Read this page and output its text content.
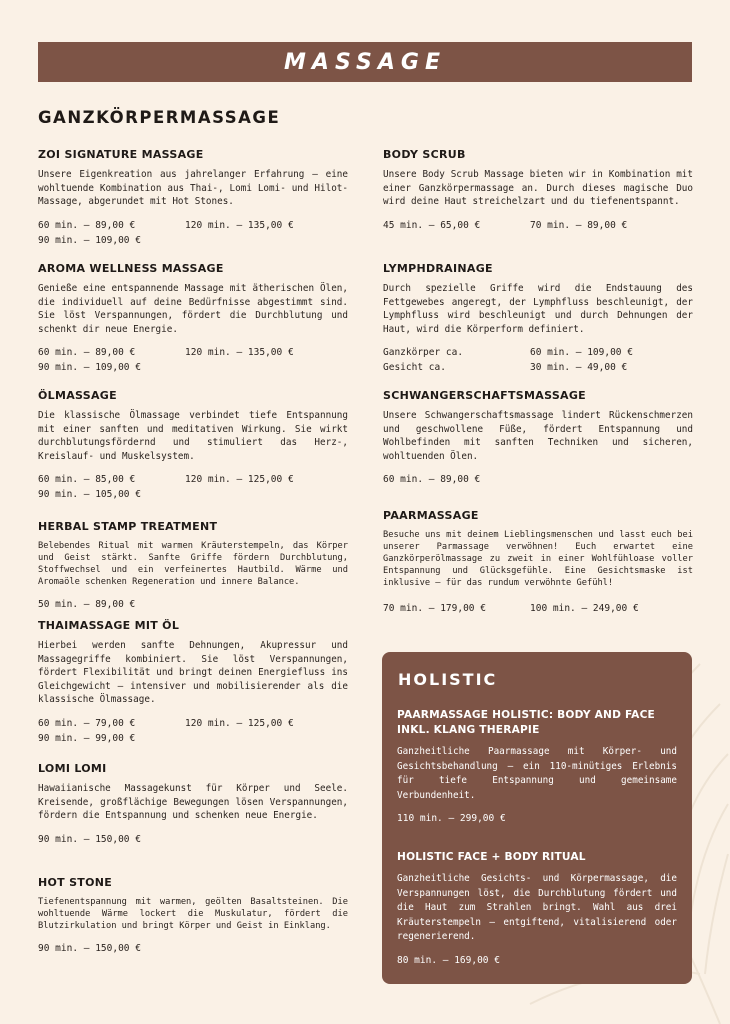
MASSAGE
GANZKÖRPERMASSAGE
ZOI SIGNATURE MASSAGE

Unsere Eigenkreation aus jahrelanger Erfahrung – eine wohltuende Kombination aus Thai-, Lomi Lomi- und Hilot-Massage, abgerundet mit Hot Stones.

60 min. – 89,00 €	120 min. – 135,00 €
90 min. – 109,00 €
AROMA WELLNESS MASSAGE

Genieße eine entspannende Massage mit ätherischen Ölen, die individuell auf deine Bedürfnisse abgestimmt sind. Sie löst Verspannungen, fördert die Durchblutung und schenkt dir neue Energie.

60 min. – 89,00 €	120 min. – 135,00 €
90 min. – 109,00 €
ÖLMASSAGE

Die klassische Ölmassage verbindet tiefe Entspannung mit einer sanften und meditativen Wirkung. Sie wirkt durchblutungsfördernd und stimuliert das Herz-, Kreislauf- und Muskelsystem.

60 min. – 85,00 €	120 min. – 125,00 €
90 min. – 105,00 €
HERBAL STAMP TREATMENT

Belebendes Ritual mit warmen Kräuterstempeln, das Körper und Geist stärkt. Sanfte Griffe fördern Durchblutung, Stoffwechsel und ein verfeinertes Hautbild. Wärme und Aromaöle schenken Regeneration und innere Balance.

50 min. – 89,00 €
THAIMASSAGE MIT ÖL

Hierbei werden sanfte Dehnungen, Akupressur und Massagegriffe kombiniert. Sie löst Verspannungen, fördert Flexibilität und bringt deinen Energiefluss ins Gleichgewicht – intensiver und mobilisierender als die klassische Ölmassage.

60 min. – 79,00 €	120 min. – 125,00 €
90 min. – 99,00 €
LOMI LOMI

Hawaiianische Massagekunst für Körper und Seele. Kreisende, großflächige Bewegungen lösen Verspannungen, fördern die Entspannung und schenken neue Energie.

90 min. – 150,00 €
HOT STONE

Tiefenentspannung mit warmen, geölten Basaltsteinen. Die wohltuende Wärme lockert die Muskulatur, fördert die Blutzirkulation und bringt Körper und Geist in Einklang.

90 min. – 150,00 €
BODY SCRUB

Unsere Body Scrub Massage bieten wir in Kombination mit einer Ganzkörpermassage an. Durch dieses magische Duo wird deine Haut streichelzart und du tiefenentspannt.

45 min. – 65,00 €	70 min. – 89,00 €
LYMPHDRAINAGE

Durch spezielle Griffe wird die Endstauung des Fettgewebes angeregt, der Lymphfluss beschleunigt, der Lymphfluss wird beschleunigt und durch Dehnungen der Haut, wird die Körperform definiert.

Ganzkörper ca.	60 min. – 109,00 €
Gesicht ca.	30 min. – 49,00 €
SCHWANGERSCHAFTSMASSAGE

Unsere Schwangerschaftsmassage lindert Rückenschmerzen und geschwollene Füße, fördert Entspannung und Wohlbefinden mit sanften Techniken und sicheren, wohltuenden Ölen.

60 min. – 89,00 €
PAARMASSAGE

Besuche uns mit deinem Lieblingsmenschen und lasst euch bei unserer Parmassage verwöhnen! Euch erwartet eine Ganzkörperölmassage zu zweit in einer Wohlfühloase voller Entspannung und Glücksgefühle. Eine Gesichtsmaske ist inklusive – für das rundum verwöhnte Gefühl!

70 min. – 179,00 €	100 min. – 249,00 €
HOLISTIC
PAARMASSAGE HOLISTIC: BODY AND FACE INKL. KLANG THERAPIE

Ganzheitliche Paarmassage mit Körper- und Gesichtsbehandlung – ein 110-minütiges Erlebnis für tiefe Entspannung und gemeinsame Verbundenheit.

110 min. – 299,00 €
HOLISTIC FACE + BODY RITUAL

Ganzheitliche Gesichts- und Körpermassage, die Verspannungen löst, die Durchblutung fördert und die Haut zum Strahlen bringt. Wahl aus drei Kräuterstempeln – entgiftend, vitalisierend oder regenerierend.

80 min. – 169,00 €
